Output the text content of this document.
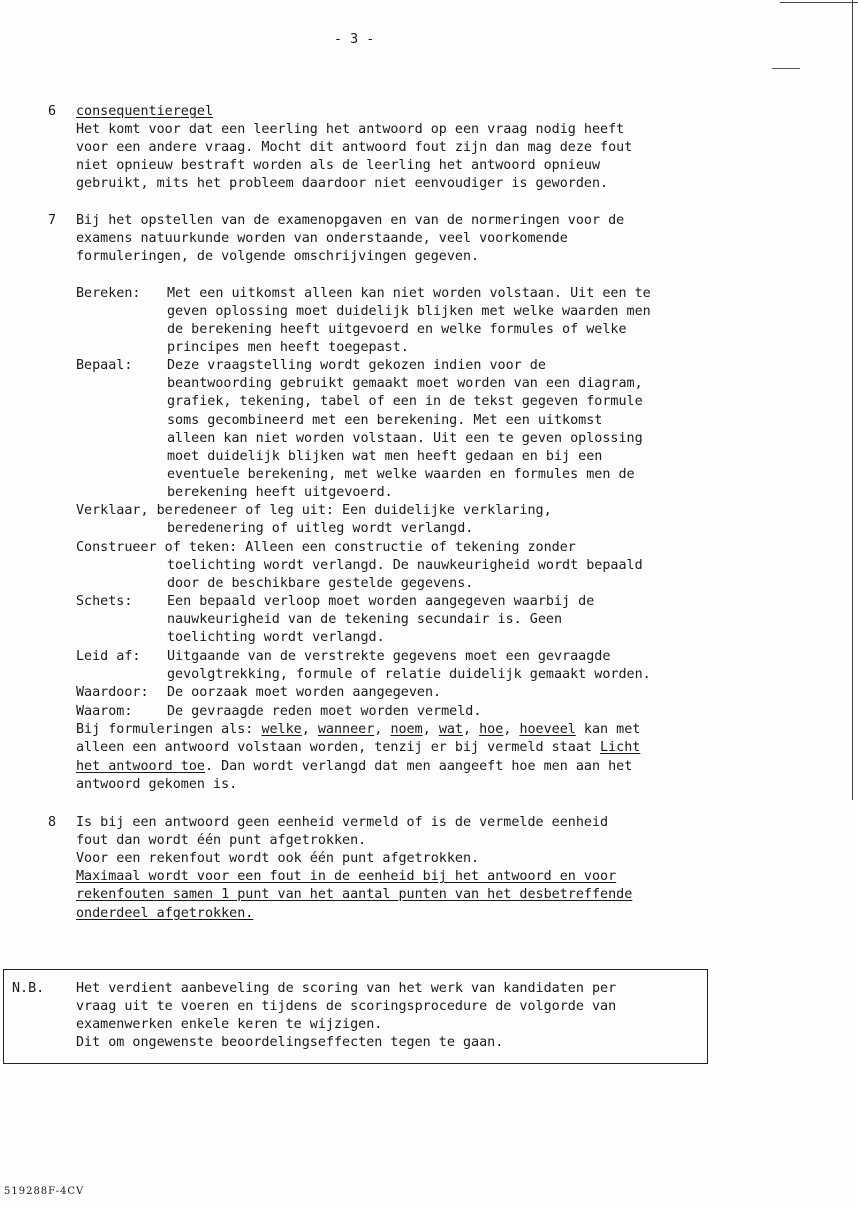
- 3 -
6 consequentieregel
Het komt voor dat een leerling het antwoord op een vraag nodig heeft
voor een andere vraag. Mocht dit antwoord fout zijn dan mag deze fout
niet opnieuw bestraft worden als de leerling het antwoord opnieuw
gebruikt, mits het probleem daardoor niet eenvoudiger is geworden.
7 Bij het opstellen van de examenopgaven en van de normeringen voor de
examens natuurkunde worden van onderstaande, veel voorkomende
formuleringen, de volgende omschrijvingen gegeven.
Bereken: Met een uitkomst alleen kan niet worden volstaan. Uit een te
geven oplossing moet duidelijk blijken met welke waarden men
de berekening heeft uitgevoerd en welke formules of welke
principes men heeft toegepast.
Bepaal:	Deze vraagstelling wordt gekozen indien voor de
beantwoording gebruikt gemaakt moet worden van een diagram,
grafiek, tekening, tabel of een in de tekst gegeven formule
soms gecombineerd met een berekening. Met een uitkomst
alleen kan niet worden volstaan. Uit een te geven oplossing
moet duidelijk blijken wat men heeft gedaan en bij een
eventuele berekening, met welke waarden en formules men de
berekening heeft uitgevoerd.
Verklaar, beredeneer of leg uit: Een duidelijke verklaring,
beredenering of uitleg wordt verlangd.
Construeer of teken: Alleen een constructie of tekening zonder
toelichting wordt verlangd. De nauwkeurigheid wordt bepaald
door de beschikbare gestelde gegevens.
Schets:	Een bepaald verloop moet worden aangegeven waarbij de
nauwkeurigheid van de tekening secundair is. Geen
toelichting wordt verlangd.
Leid af: Uitgaande van de verstrekte gegevens moet een gevraagde
gevolgtrekking, formule of relatie duidelijk gemaakt worden.
Waardoor: De oorzaak moet worden aangegeven.
Waarom:	De gevraagde reden moet worden vermeld.
Bij formuleringen als: welke, wanneer, noem, wat, hoe, hoeveel kan met
alleen een antwoord volstaan worden, tenzij er bij vermeld staat Licht
het antwoord toe. Dan wordt verlangd dat men aangeeft hoe men aan het
antwoord gekomen is.
8 Is bij een antwoord geen eenheid vermeld of is de vermelde eenheid
fout dan wordt één punt afgetrokken.
Voor een rekenfout wordt ook één punt afgetrokken.
Maximaal wordt voor een fout in de eenheid bij het antwoord en voor
rekenfouten samen 1 punt van het aantal punten van het desbetreffende
onderdeel afgetrokken.
N.B. Het verdient aanbeveling de scoring van het werk van kandidaten per
vraag uit te voeren en tijdens de scoringsprocedure de volgorde van
examenwerken enkele keren te wijzigen.
Dit om ongewenste beoordelingseffecten tegen te gaan.
519288F-4CV
